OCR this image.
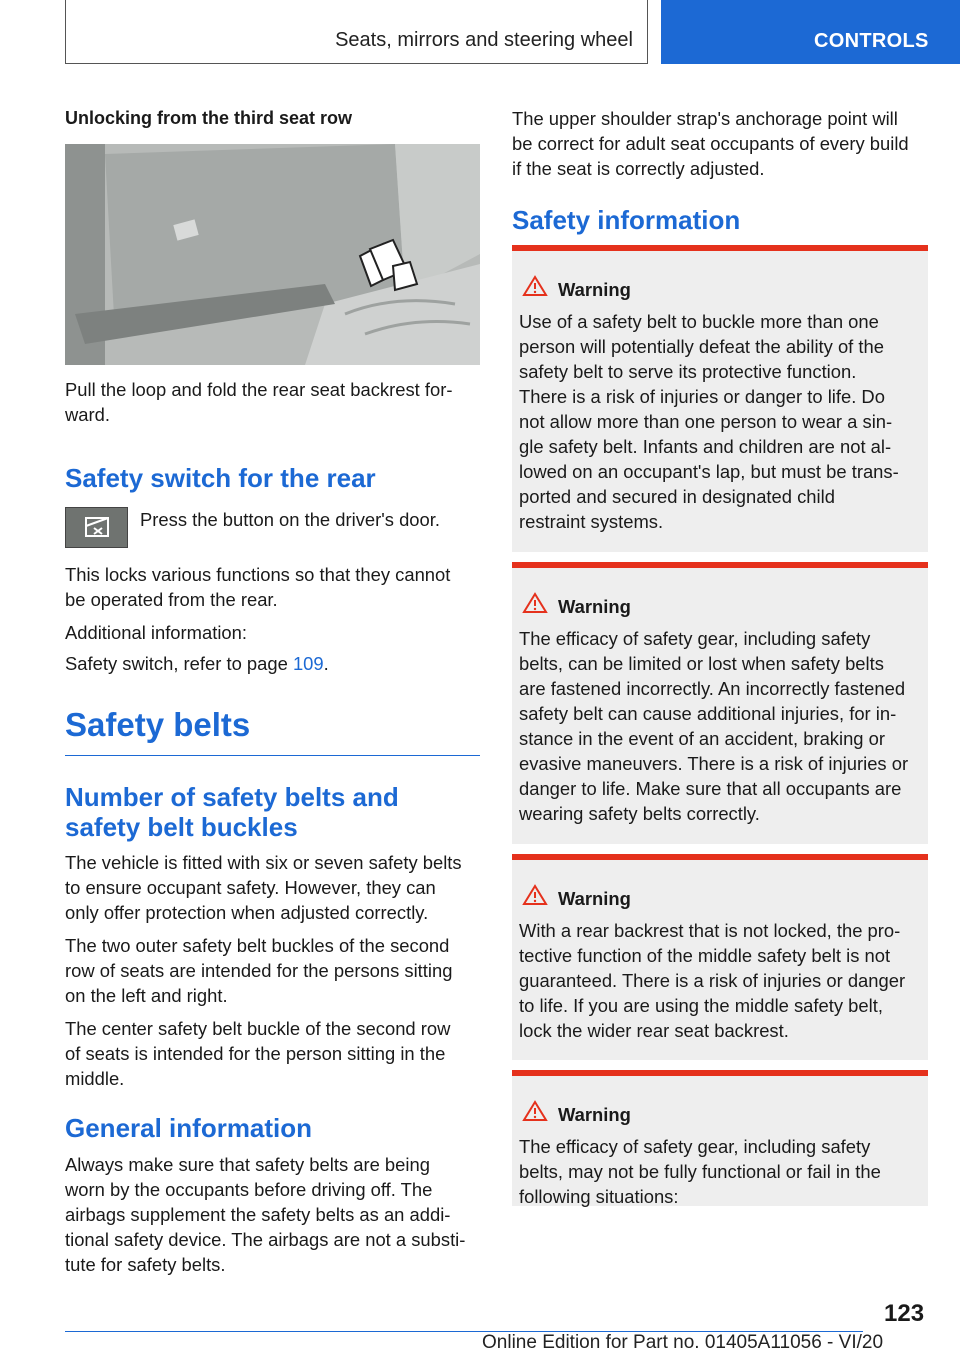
Seats, mirrors and steering wheel	CONTROLS

Unlocking from the third seat row

Pull the loop and fold the rear seat backrest for-

ward.

Safety switch for the rear

Press the button on the driver's door.

This locks various functions so that they cannot

be operated from the rear.

Additional information:

Safety switch, refer to page 109.

Safety belts

Number of safety belts and

safety belt buckles

The vehicle is fitted with six or seven safety belts

to ensure occupant safety. However, they can

only offer protection when adjusted correctly.

The two outer safety belt buckles of the second

row of seats are intended for the persons sitting

on the left and right.

The center safety belt buckle of the second row

of seats is intended for the person sitting in the

middle.

General information

Always make sure that safety belts are being

worn by the occupants before driving off. The

airbags supplement the safety belts as an addi-

tional safety device. The airbags are not a substi-

tute for safety belts.

The upper shoulder strap's anchorage point will

be correct for adult seat occupants of every build

if the seat is correctly adjusted.

Safety information

Warning

Use of a safety belt to buckle more than one

person will potentially defeat the ability of the

safety belt to serve its protective function.

There is a risk of injuries or danger to life. Do

not allow more than one person to wear a sin-

gle safety belt. Infants and children are not al-

lowed on an occupant's lap, but must be trans-

ported and secured in designated child

restraint systems.

Warning

The efficacy of safety gear, including safety

belts, can be limited or lost when safety belts

are fastened incorrectly. An incorrectly fastened

safety belt can cause additional injuries, for in-

stance in the event of an accident, braking or

evasive maneuvers. There is a risk of injuries or

danger to life. Make sure that all occupants are

wearing safety belts correctly.

Warning

With a rear backrest that is not locked, the pro-

tective function of the middle safety belt is not

guaranteed. There is a risk of injuries or danger

to life. If you are using the middle safety belt,

lock the wider rear seat backrest.

Warning

The efficacy of safety gear, including safety

belts, may not be fully functional or fail in the

following situations:

123
Online Edition for Part no. 01405A11056 - VI/20
